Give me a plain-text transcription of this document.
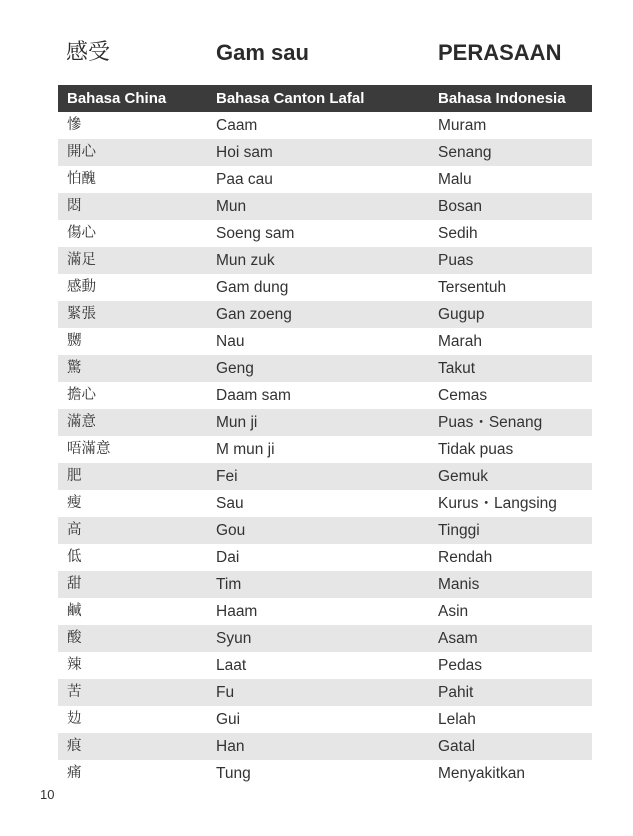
感受	Gam sau	PERASAAN
Bahasa China	Bahasa Canton Lafal	Bahasa Indonesia
慘	Caam	Muram
開心	Hoi sam	Senang
怕醜	Paa cau	Malu
悶	Mun	Bosan
傷心	Soeng sam	Sedih
滿足	Mun zuk	Puas
感動	Gam dung	Tersentuh
緊張	Gan zoeng	Gugup
嬲	Nau	Marah
驚	Geng	Takut
擔心	Daam sam	Cemas
滿意	Mun ji	Puas・Senang
唔滿意	M mun ji	Tidak puas
肥	Fei	Gemuk
瘦	Sau	Kurus・Langsing
高	Gou	Tinggi
低	Dai	Rendah
甜	Tim	Manis
鹹	Haam	Asin
酸	Syun	Asam
辣	Laat	Pedas
苦	Fu	Pahit
攰	Gui	Lelah
痕	Han	Gatal
痛	Tung	Menyakitkan
10
